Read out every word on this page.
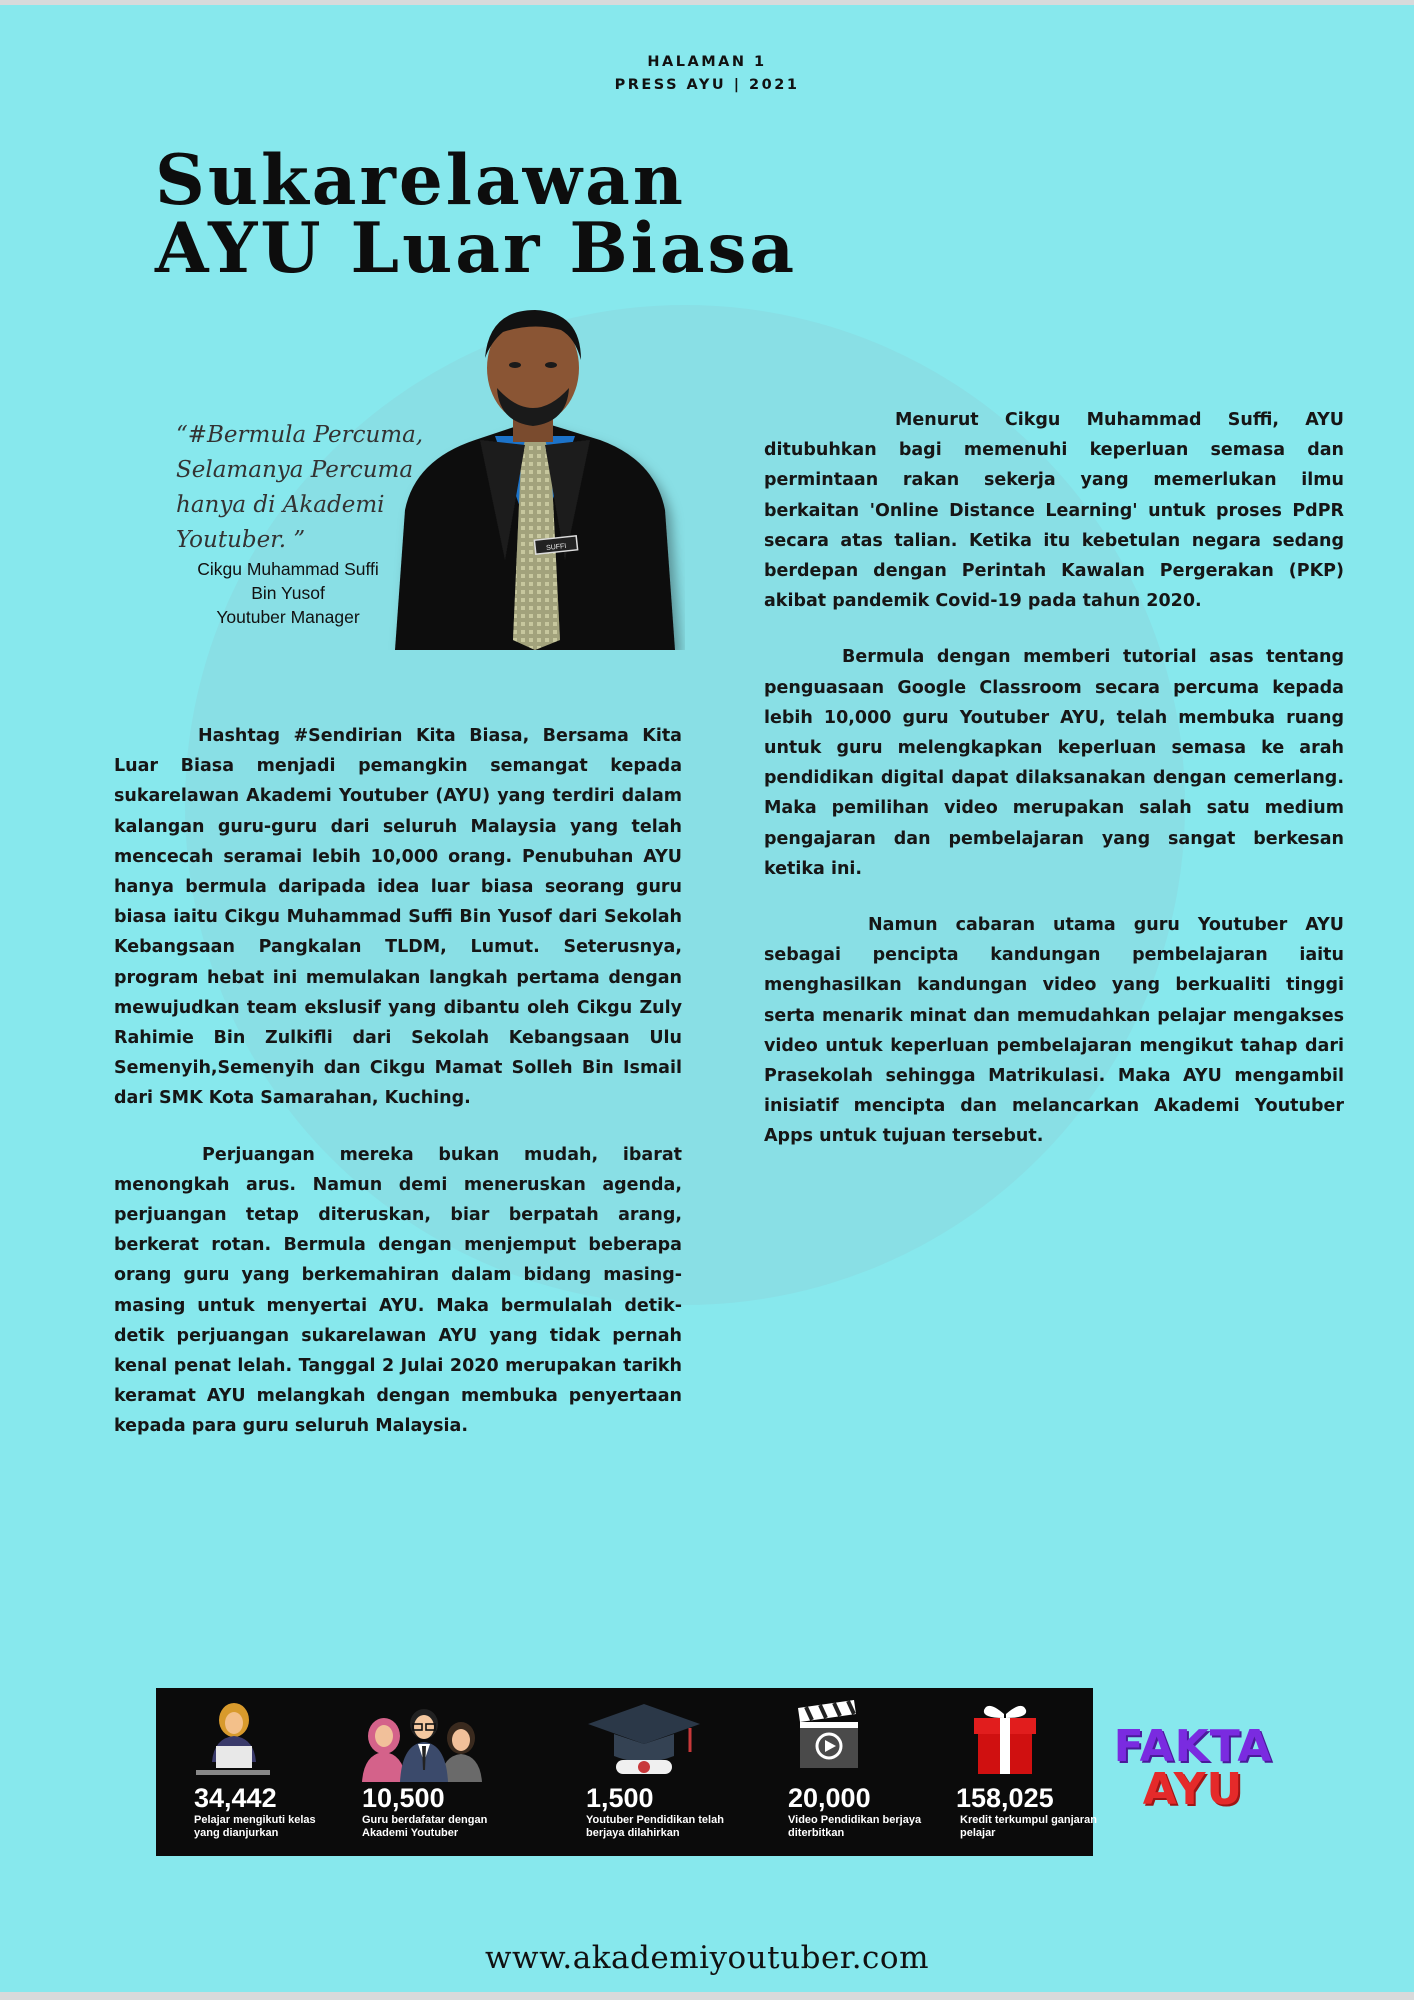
HALAMAN 1
PRESS AYU | 2021
Sukarelawan
AYU Luar Biasa
SUFFI
“#Bermula Percuma, Selamanya Percuma hanya di Akademi Youtuber. ”
Cikgu Muhammad Suffi
Bin Yusof
Youtuber Manager

Hashtag #Sendirian Kita Biasa, Bersama Kita Luar Biasa menjadi pemangkin semangat kepada sukarelawan Akademi Youtuber (AYU) yang terdiri dalam kalangan guru-guru dari seluruh Malaysia yang telah mencecah seramai lebih 10,000 orang. Penubuhan AYU hanya bermula daripada idea luar biasa seorang guru biasa iaitu Cikgu Muhammad Suffi Bin Yusof dari Sekolah Kebangsaan Pangkalan TLDM, Lumut. Seterusnya, program hebat ini memulakan langkah pertama dengan mewujudkan team ekslusif yang dibantu oleh Cikgu Zuly Rahimie Bin Zulkifli dari Sekolah Kebangsaan Ulu Semenyih,Semenyih dan Cikgu Mamat Solleh Bin Ismail dari SMK Kota Samarahan, Kuching.

Perjuangan mereka bukan mudah, ibarat menongkah arus. Namun demi meneruskan agenda, perjuangan tetap diteruskan, biar berpatah arang, berkerat rotan. Bermula dengan menjemput beberapa orang guru yang berkemahiran dalam bidang masing-masing untuk menyertai AYU. Maka bermulalah detik-detik perjuangan sukarelawan AYU yang tidak pernah kenal penat lelah. Tanggal 2 Julai 2020 merupakan tarikh keramat AYU melangkah dengan membuka penyertaan kepada para guru seluruh Malaysia.

Menurut Cikgu Muhammad Suffi, AYU ditubuhkan bagi memenuhi keperluan semasa dan permintaan rakan sekerja yang memerlukan ilmu berkaitan 'Online Distance Learning' untuk proses PdPR secara atas talian. Ketika itu kebetulan negara sedang berdepan dengan Perintah Kawalan Pergerakan (PKP) akibat pandemik Covid-19 pada tahun 2020.

Bermula dengan memberi tutorial asas tentang penguasaan Google Classroom secara percuma kepada lebih 10,000 guru Youtuber AYU, telah membuka ruang untuk guru melengkapkan keperluan semasa ke arah pendidikan digital dapat dilaksanakan dengan cemerlang. Maka pemilihan video merupakan salah satu medium pengajaran dan pembelajaran yang sangat berkesan ketika ini.

Namun cabaran utama guru Youtuber AYU sebagai pencipta kandungan pembelajaran iaitu menghasilkan kandungan video yang berkualiti tinggi serta menarik minat dan memudahkan pelajar mengakses video untuk keperluan pembelajaran mengikut tahap dari Prasekolah sehingga Matrikulasi. Maka AYU mengambil inisiatif mencipta dan melancarkan Akademi Youtuber Apps untuk tujuan tersebut.

34,442
Pelajar mengikuti kelas yang dianjurkan
10,500
Guru berdafatar dengan Akademi Youtuber
1,500
Youtuber Pendidikan telah berjaya dilahirkan
20,000
Video Pendidikan berjaya diterbitkan
158,025
Kredit terkumpul ganjaran pelajar
FAKTA
AYU
www.akademiyoutuber.com
